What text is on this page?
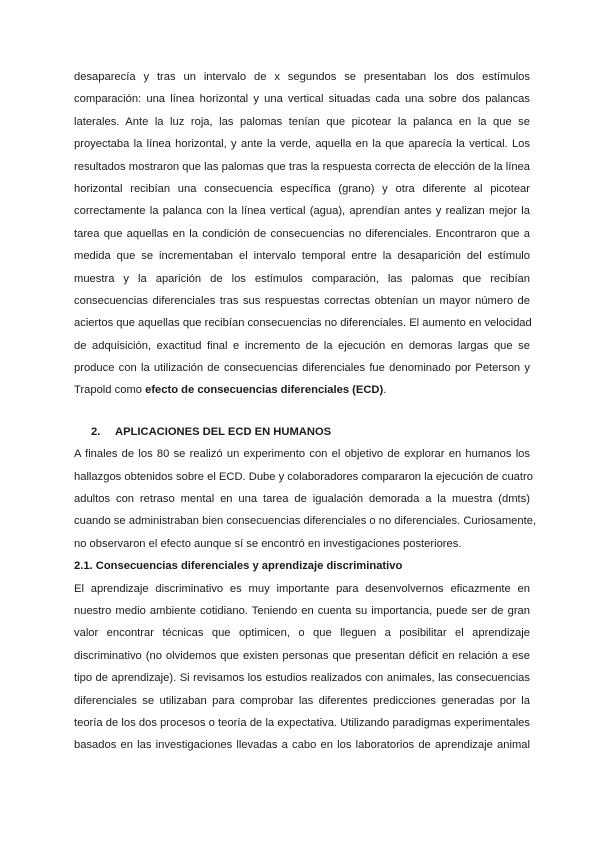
desaparecía y tras un intervalo de x segundos se presentaban los dos estímulos
comparación: una línea horizontal y una vertical situadas cada una sobre dos palancas
laterales. Ante la luz roja, las palomas tenían que picotear la palanca en la que se
proyectaba la línea horizontal, y ante la verde, aquella en la que aparecía la vertical. Los
resultados mostraron que las palomas que tras la respuesta correcta de elección de la línea
horizontal recibían una consecuencia específica (grano) y otra diferente al picotear
correctamente la palanca con la línea vertical (agua), aprendían antes y realizan mejor la
tarea que aquellas en la condición de consecuencias no diferenciales. Encontraron que a
medida que se incrementaban el intervalo temporal entre la desaparición del estímulo
muestra y la aparición de los estímulos comparación, las palomas que recibían
consecuencias diferenciales tras sus respuestas correctas obtenían un mayor número de
aciertos que aquellas que recibían consecuencias no diferenciales. El aumento en velocidad
de adquisición, exactitud final e incremento de la ejecución en demoras largas que se
produce con la utilización de consecuencias diferenciales fue denominado por Peterson y
Trapold como efecto de consecuencias diferenciales (ECD).
2. APLICACIONES DEL ECD EN HUMANOS
A finales de los 80 se realizó un experimento con el objetivo de explorar en humanos los
hallazgos obtenidos sobre el ECD. Dube y colaboradores compararon la ejecución de cuatro
adultos con retraso mental en una tarea de igualación demorada a la muestra (dmts)
cuando se administraban bien consecuencias diferenciales o no diferenciales. Curiosamente,
no observaron el efecto aunque sí se encontró en investigaciones posteriores.
2.1. Consecuencias diferenciales y aprendizaje discriminativo
El aprendizaje discriminativo es muy importante para desenvolvernos eficazmente en
nuestro medio ambiente cotidiano. Teniendo en cuenta su importancia, puede ser de gran
valor encontrar técnicas que optimicen, o que lleguen a posibilitar el aprendizaje
discriminativo (no olvidemos que existen personas que presentan déficit en relación a ese
tipo de aprendizaje). Si revisamos los estudios realizados con animales, las consecuencias
diferenciales se utilizaban para comprobar las diferentes predicciones generadas por la
teoría de los dos procesos o teoría de la expectativa. Utilizando paradigmas experimentales
basados en las investigaciones llevadas a cabo en los laboratorios de aprendizaje animal
